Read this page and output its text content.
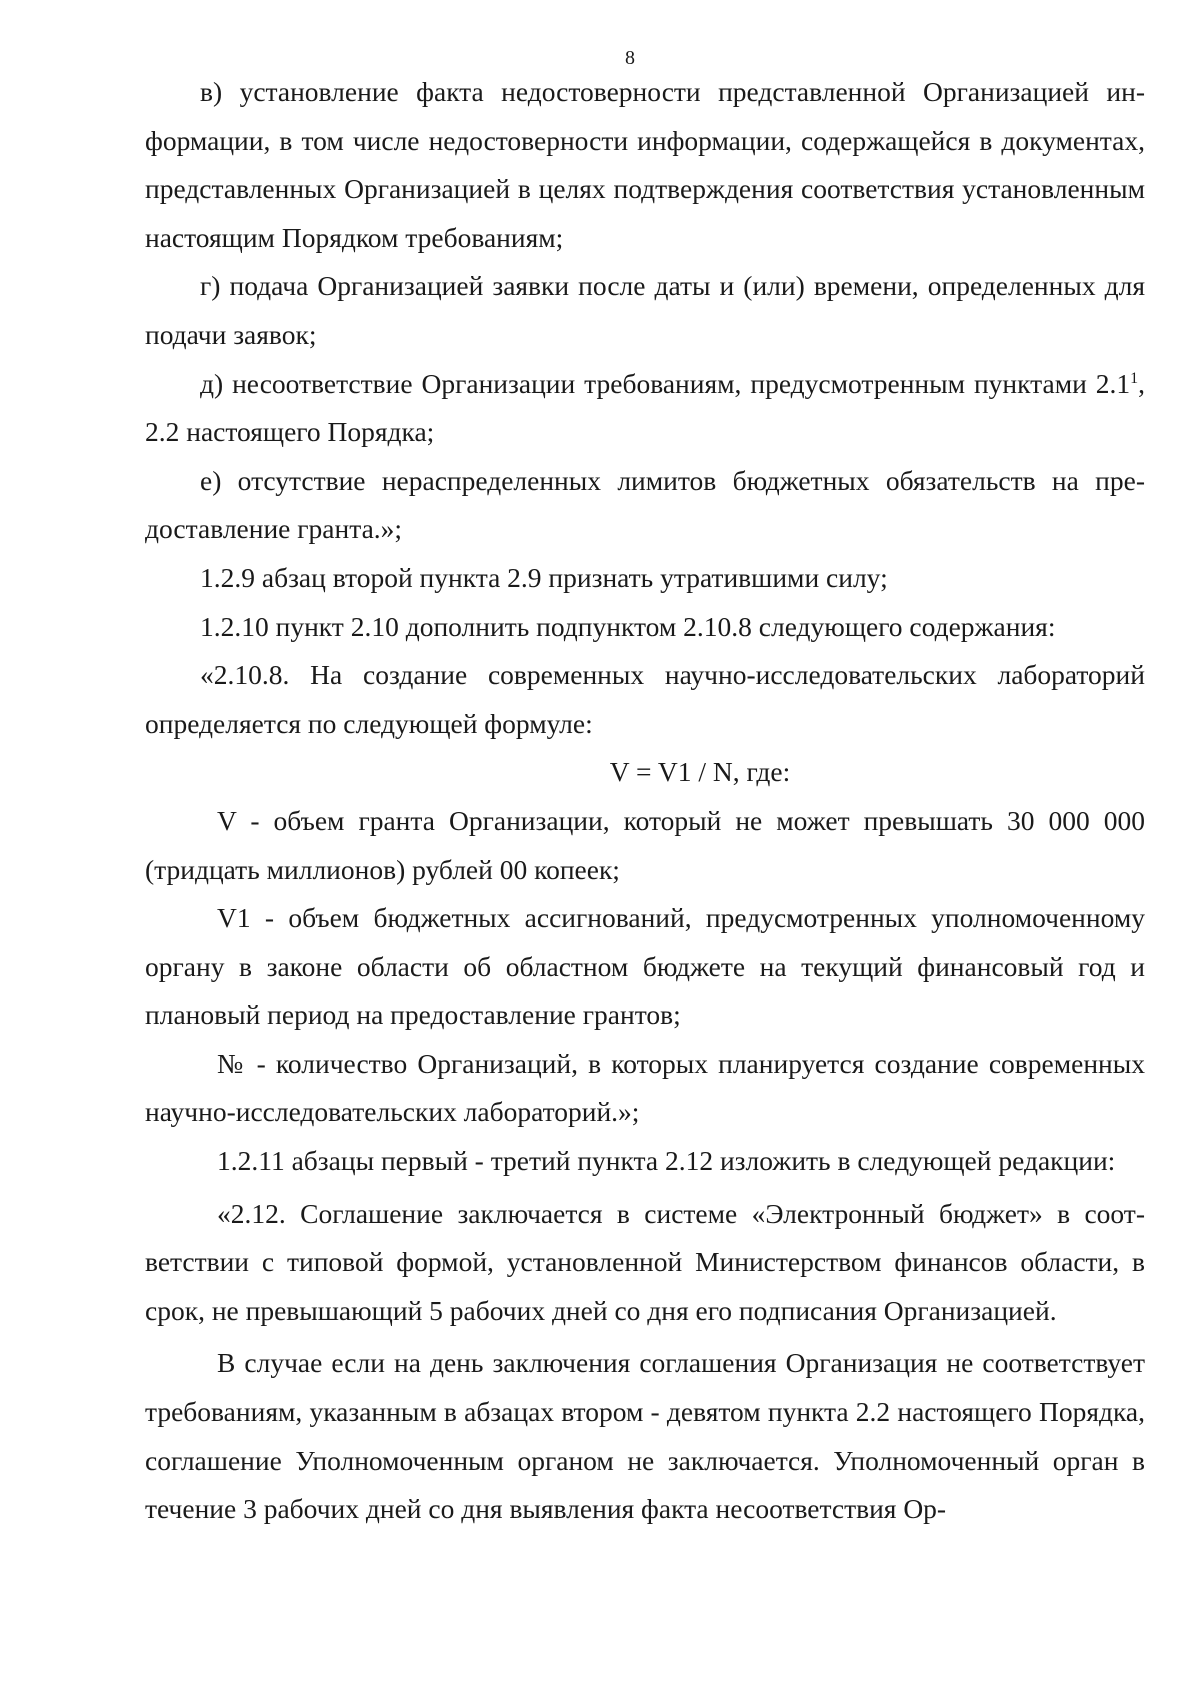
8

в) установление факта недостоверности представленной Организацией информации, в том числе недостоверности информации, содержащейся в документах, представленных Организацией в целях подтверждения соответствия установленным настоящим Порядком требованиям;

г) подача Организацией заявки после даты и (или) времени, определенных для подачи заявок;

д) несоответствие Организации требованиям, предусмотренным пунктами $2.1^1$, 2.2 настоящего Порядка;

е) отсутствие нераспределенных лимитов бюджетных обязательств на предоставление гранта.»;

1.2.9 абзац второй пункта 2.9 признать утратившими силу;

1.2.10 пункт 2.10 дополнить подпунктом 2.10.8 следующего содержания:

«2.10.8. На создание современных научно-исследовательских лабораторий определяется по следующей формуле:

V = V1 / N, где:

V - объем гранта Организации, который не может превышать 30 000 000 (тридцать миллионов) рублей 00 копеек;

V1 - объем бюджетных ассигнований, предусмотренных уполномоченному органу в законе области об областном бюджете на текущий финансовый год и плановый период на предоставление грантов;

№ - количество Организаций, в которых планируется создание современных научно-исследовательских лабораторий.»;

1.2.11 абзацы первый - третий пункта 2.12 изложить в следующей редакции:

«2.12. Соглашение заключается в системе «Электронный бюджет» в соответствии с типовой формой, установленной Министерством финансов области, в срок, не превышающий 5 рабочих дней со дня его подписания Организацией.

В случае если на день заключения соглашения Организация не соответствует требованиям, указанным в абзацах втором - девятом пункта 2.2 настоящего Порядка, соглашение Уполномоченным органом не заключается. Уполномоченный орган в течение 3 рабочих дней со дня выявления факта несоответствия Ор-
